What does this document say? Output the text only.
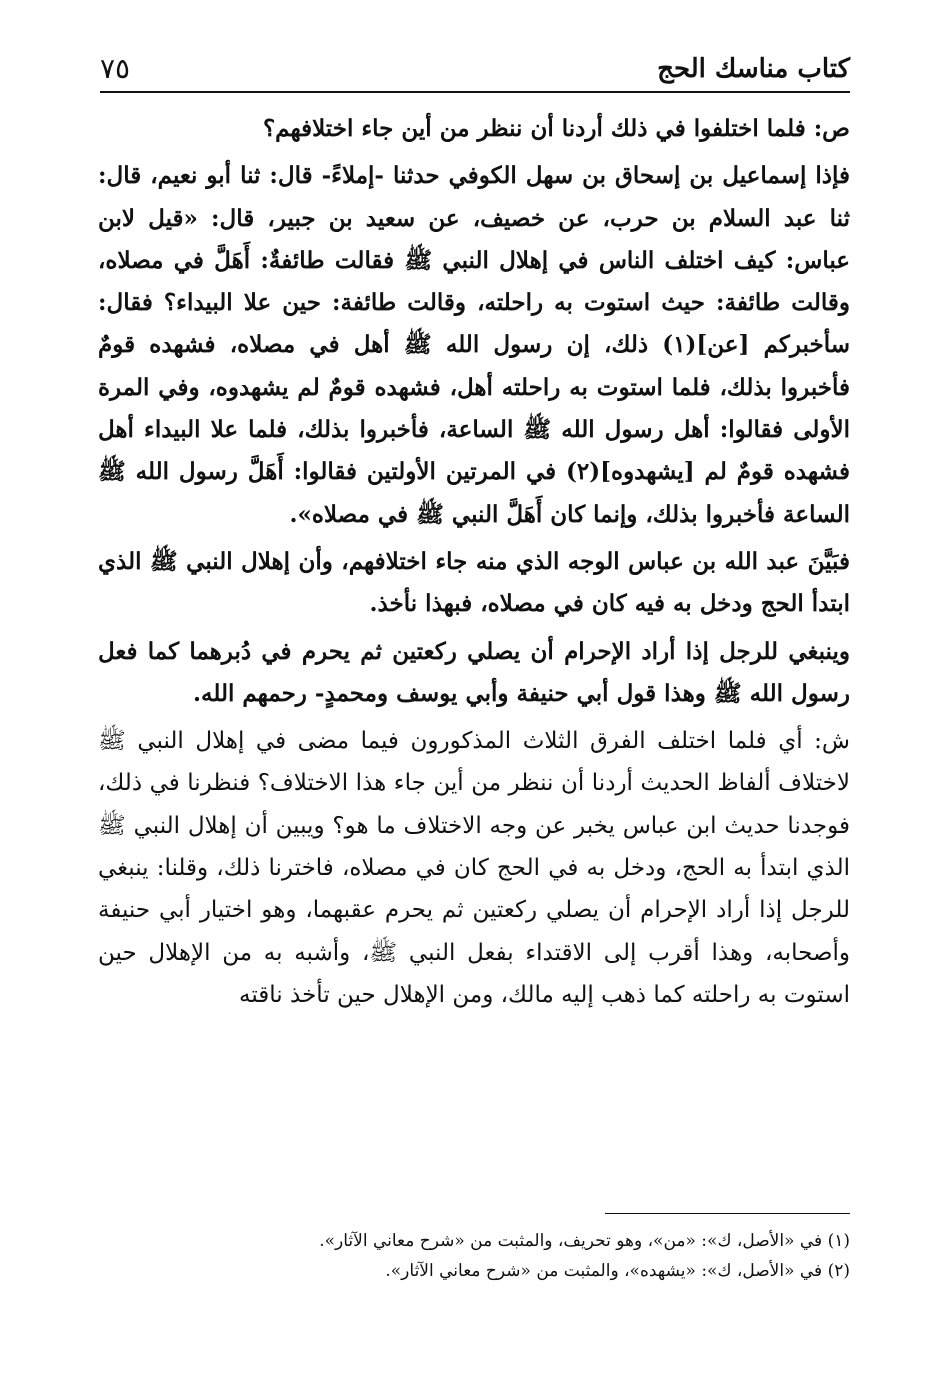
كتاب مناسك الحج
٧٥

ص: فلما اختلفوا في ذلك أردنا أن ننظر من أين جاء اختلافهم؟

فإذا إسماعيل بن إسحاق بن سهل الكوفي حدثنا -إملاءً- قال: ثنا أبو نعيم، قال: ثنا عبد السلام بن حرب، عن خصيف، عن سعيد بن جبير، قال: «قيل لابن عباس: كيف اختلف الناس في إهلال النبي ﷺ فقالت طائفةٌ: أَهَلَّ في مصلاه، وقالت طائفة: حيث استوت به راحلته، وقالت طائفة: حين علا البيداء؟ فقال: سأخبركم [عن](١) ذلك، إن رسول الله ﷺ أهل في مصلاه، فشهده قومٌ فأخبروا بذلك، فلما استوت به راحلته أهل، فشهده قومٌ لم يشهدوه، وفي المرة الأولى فقالوا: أهل رسول الله ﷺ الساعة، فأخبروا بذلك، فلما علا البيداء أهل فشهده قومٌ لم [يشهدوه](٢) في المرتين الأولتين فقالوا: أَهَلَّ رسول الله ﷺ الساعة فأخبروا بذلك، وإنما كان أَهَلَّ النبي ﷺ في مصلاه».

فبَيَّنَ عبد الله بن عباس الوجه الذي منه جاء اختلافهم، وأن إهلال النبي ﷺ الذي ابتدأ الحج ودخل به فيه كان في مصلاه، فبهذا نأخذ.

وينبغي للرجل إذا أراد الإحرام أن يصلي ركعتين ثم يحرم في دُبرهما كما فعل رسول الله ﷺ وهذا قول أبي حنيفة وأبي يوسف ومحمدٍ- رحمهم الله.

ش: أي فلما اختلف الفرق الثلاث المذكورون فيما مضى في إهلال النبي ﷺ لاختلاف ألفاظ الحديث أردنا أن ننظر من أين جاء هذا الاختلاف؟ فنظرنا في ذلك، فوجدنا حديث ابن عباس يخبر عن وجه الاختلاف ما هو؟ ويبين أن إهلال النبي ﷺ الذي ابتدأ به الحج، ودخل به في الحج كان في مصلاه، فاخترنا ذلك، وقلنا: ينبغي للرجل إذا أراد الإحرام أن يصلي ركعتين ثم يحرم عقبهما، وهو اختيار أبي حنيفة وأصحابه، وهذا أقرب إلى الاقتداء بفعل النبي ﷺ، وأشبه به من الإهلال حين استوت به راحلته كما ذهب إليه مالك، ومن الإهلال حين تأخذ ناقته

(١) في «الأصل، ك»: «من»، وهو تحريف، والمثبت من «شرح معاني الآثار».

(٢) في «الأصل، ك»: «يشهده»، والمثبت من «شرح معاني الآثار».
